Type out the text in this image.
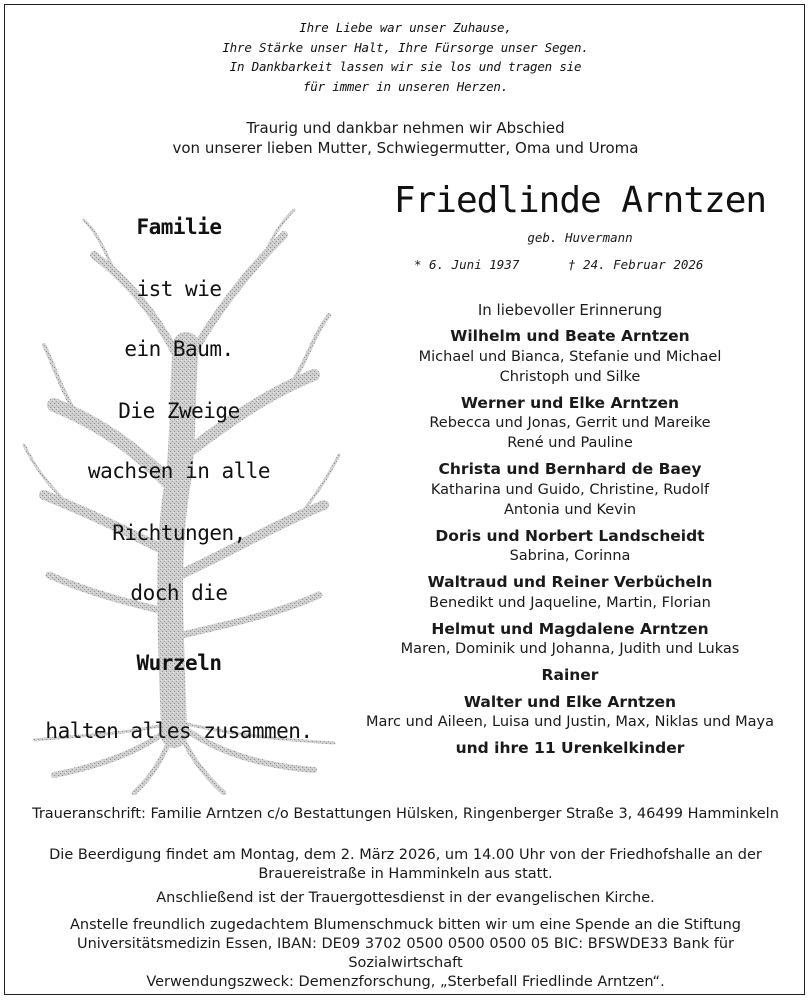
Ihre Liebe war unser Zuhause,
Ihre Stärke unser Halt, Ihre Fürsorge unser Segen.
In Dankbarkeit lassen wir sie los und tragen sie
für immer in unseren Herzen.
Traurig und dankbar nehmen wir Abschied
von unserer lieben Mutter, Schwiegermutter, Oma und Uroma
Familie
ist wie
ein Baum.
Die Zweige
wachsen in alle
Richtungen,
doch die
Wurzeln
halten alles zusammen.
Friedlinde Arntzen
geb. Huvermann
* 6. Juni 1937	† 24. Februar 2026
In liebevoller Erinnerung
Wilhelm und Beate Arntzen
Michael und Bianca, Stefanie und Michael
Christoph und Silke
Werner und Elke Arntzen
Rebecca und Jonas, Gerrit und Mareike
René und Pauline
Christa und Bernhard de Baey
Katharina und Guido, Christine, Rudolf
Antonia und Kevin
Doris und Norbert Landscheidt
Sabrina, Corinna
Waltraud und Reiner Verbücheln
Benedikt und Jaqueline, Martin, Florian
Helmut und Magdalene Arntzen
Maren, Dominik und Johanna, Judith und Lukas
Rainer
Walter und Elke Arntzen
Marc und Aileen, Luisa und Justin, Max, Niklas und Maya
und ihre 11 Urenkelkinder
Traueranschrift: Familie Arntzen c/o Bestattungen Hülsken, Ringenberger Straße 3, 46499 Hamminkeln
Die Beerdigung findet am Montag, dem 2. März 2026, um 14.00 Uhr von der Friedhofshalle an der
Brauereistraße in Hamminkeln aus statt.
Anschließend ist der Trauergottesdienst in der evangelischen Kirche.
Anstelle freundlich zugedachtem Blumenschmuck bitten wir um eine Spende an die Stiftung
Universitätsmedizin Essen, IBAN: DE09 3702 0500 0500 0500 05 BIC: BFSWDE33 Bank für Sozialwirtschaft
Verwendungszweck: Demenzforschung, „Sterbefall Friedlinde Arntzen“.
